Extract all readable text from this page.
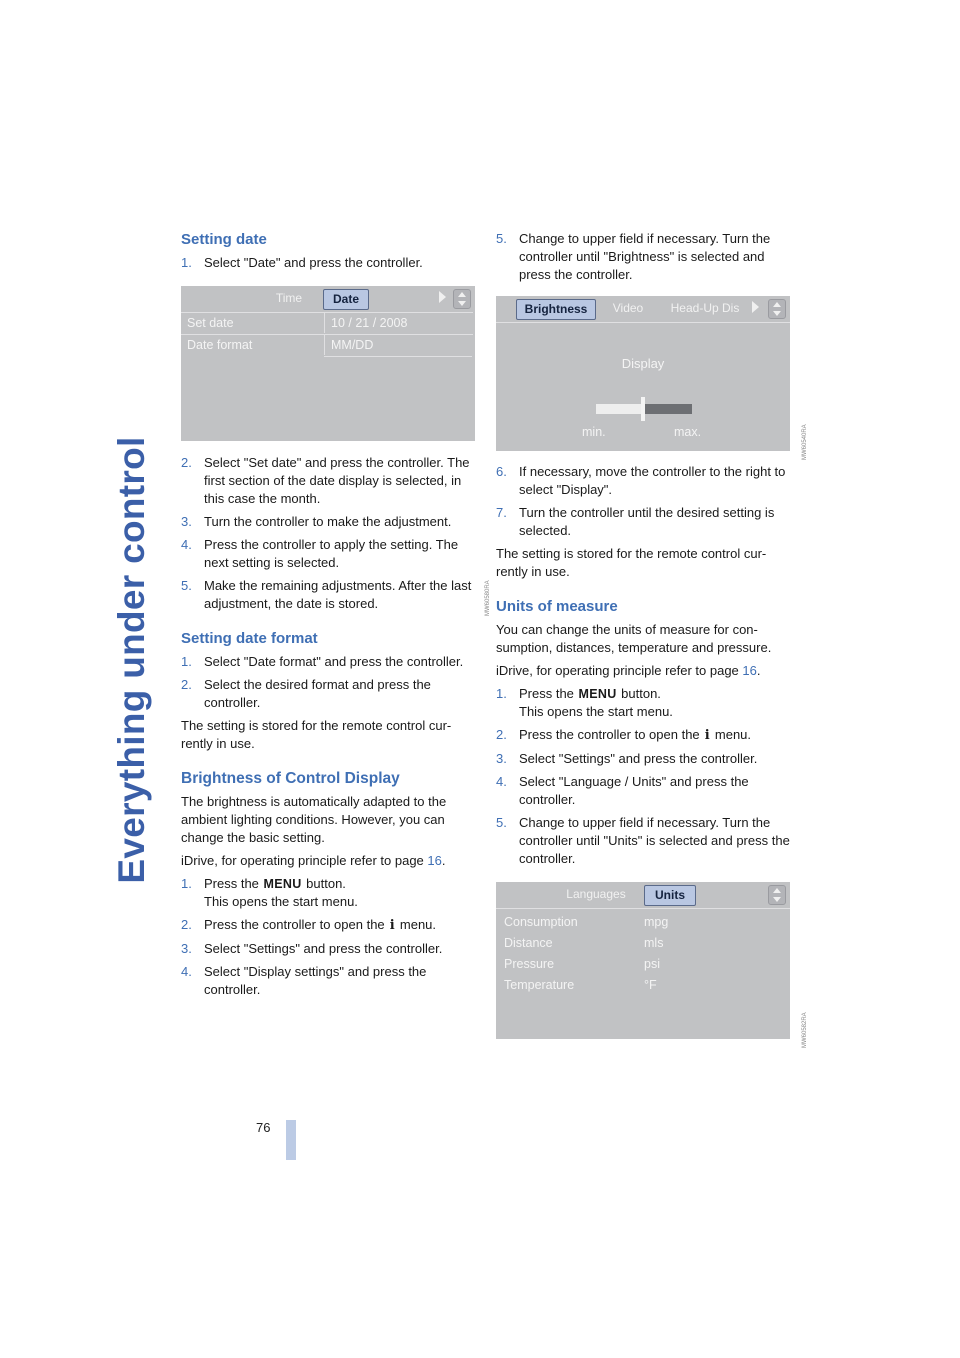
Everything under control
Setting date

1. Select "Date" and press the controller.

Time	Date
Set date	10 / 21 / 2008
Date format	MM/DD
MW60580RA

2. Select "Set date" and press the controller. The first section of the date display is selected, in this case the month.

3. Turn the controller to make the adjustment.

4. Press the controller to apply the setting. The next setting is selected.

5. Make the remaining adjustments. After the last adjustment, the date is stored.

Setting date format

1. Select "Date format" and press the controller.

2. Select the desired format and press the controller.

The setting is stored for the remote control currently in use.

Brightness of Control Display

The brightness is automatically adapted to the ambient lighting conditions. However, you can change the basic setting.

iDrive, for operating principle refer to page 16.

1. Press the MENU button.
This opens the start menu.

2. Press the controller to open the i menu.

3. Select "Settings" and press the controller.

4. Select "Display settings" and press the controller.

5. Change to upper field if necessary. Turn the controller until "Brightness" is selected and press the controller.

Brightness	Video	Head-Up Dis
Display
min.	max.	MW60540RA

6. If necessary, move the controller to the right to select "Display".

7. Turn the controller until the desired setting is selected.

The setting is stored for the remote control currently in use.

Units of measure

You can change the units of measure for consumption, distances, temperature and pressure.

iDrive, for operating principle refer to page 16.

1. Press the MENU button.
This opens the start menu.

2. Press the controller to open the i menu.

3. Select "Settings" and press the controller.

4. Select "Language / Units" and press the controller.

5. Change to upper field if necessary. Turn the controller until "Units" is selected and press the controller.

Languages	Units
Consumption	mpg
Distance	mls
Pressure	psi
Temperature	°F
MW60582RA
76
